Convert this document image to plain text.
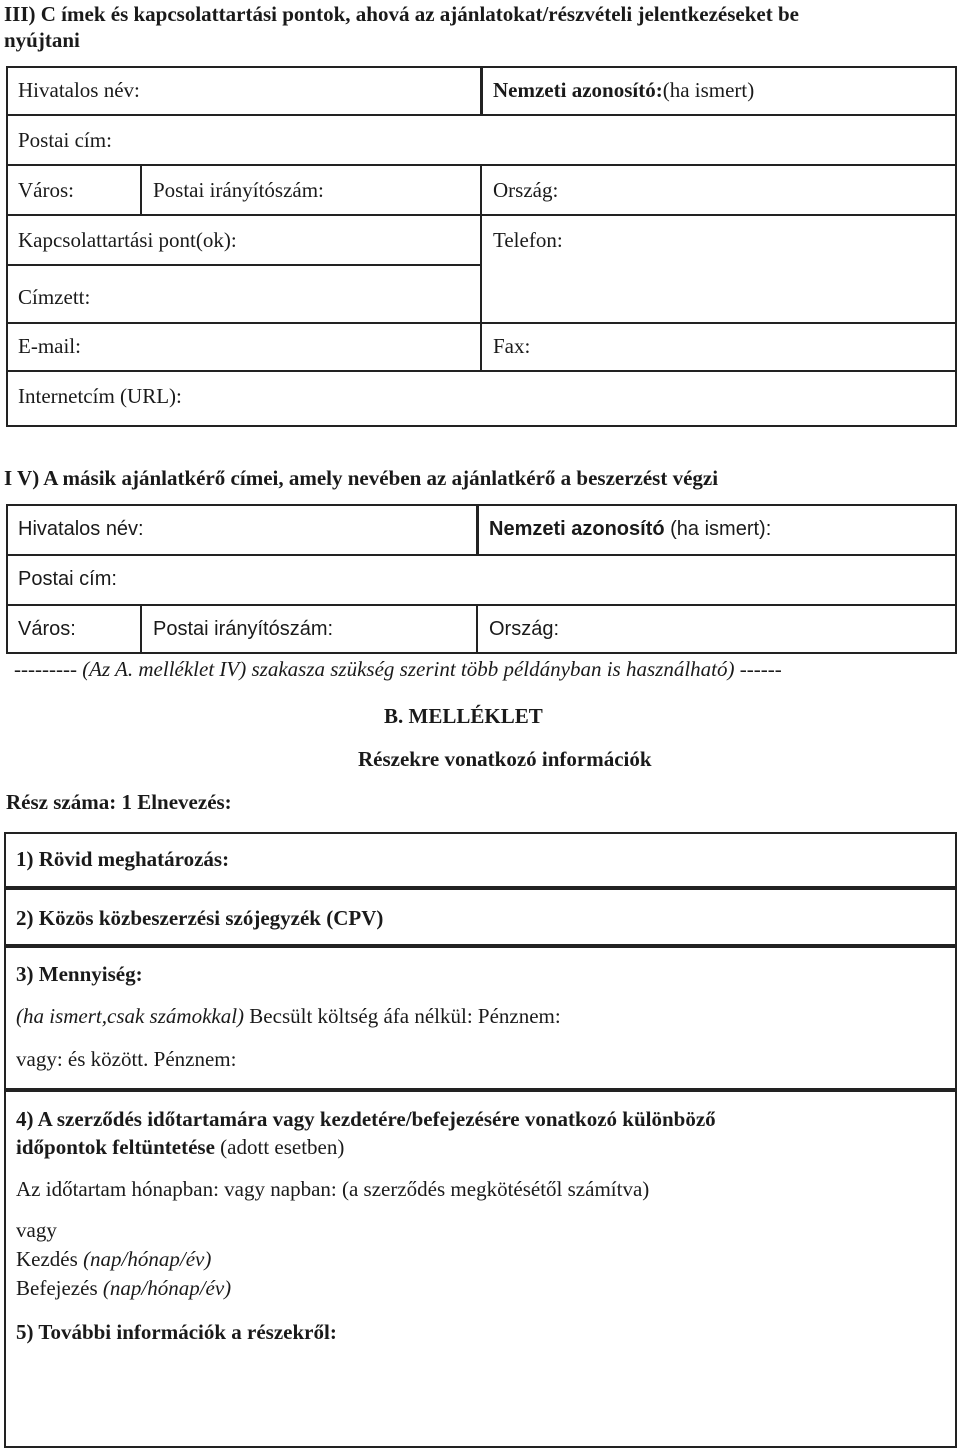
III) C ímek és kapcsolattartási pontok, ahová az ajánlatokat/részvételi jelentkezéseket be
nyújtani
Hivatalos név:	Nemzeti azonosító:(ha ismert)
Postai cím:
Város:	Postai irányítószám:	Ország:
Kapcsolattartási pont(ok):	Telefon:
Címzett:
E-mail:	Fax:
Internetcím (URL):
I V) A másik ajánlatkérő címei, amely nevében az ajánlatkérő a beszerzést végzi
Hivatalos név:	Nemzeti azonosító (ha ismert):
Postai cím:
Város:	Postai irányítószám:	Ország:
--------- (Az A. melléklet IV) szakasza szükség szerint több példányban is használható) ------
B. MELLÉKLET
Részekre vonatkozó információk
Rész száma: 1 Elnevezés:
1) Rövid meghatározás:
2) Közös közbeszerzési szójegyzék (CPV)
3) Mennyiség:
(ha ismert,csak számokkal) Becsült költség áfa nélkül: Pénznem:
vagy: és között. Pénznem:
4) A szerződés időtartamára vagy kezdetére/befejezésére vonatkozó különböző
időpontok feltüntetése (adott esetben)
Az időtartam hónapban: vagy napban: (a szerződés megkötésétől számítva)
vagy
Kezdés (nap/hónap/év)
Befejezés (nap/hónap/év)
5) További információk a részekről:
